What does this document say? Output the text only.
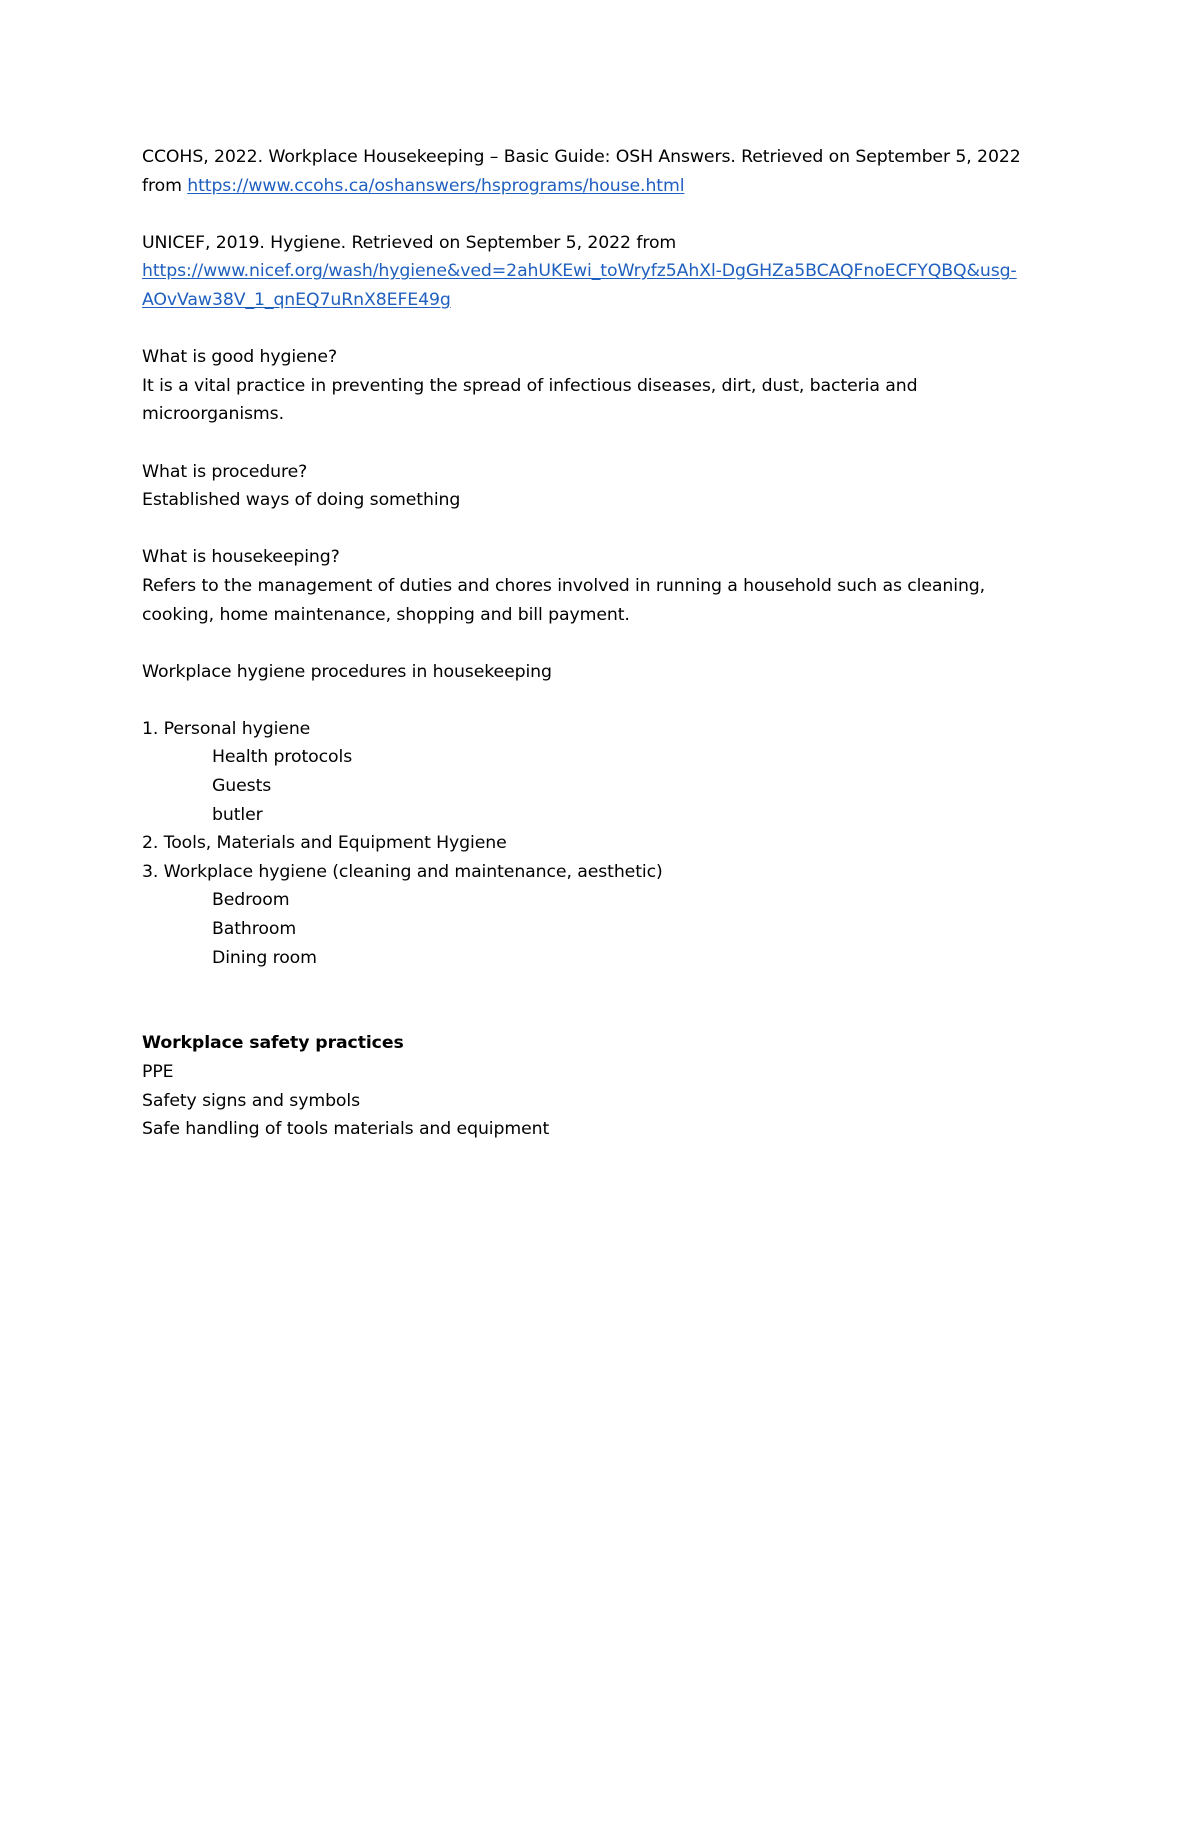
CCOHS, 2022. Workplace Housekeeping – Basic Guide: OSH Answers. Retrieved on September 5, 2022
from https://www.ccohs.ca/oshanswers/hsprograms/house.html
UNICEF, 2019. Hygiene. Retrieved on September 5, 2022 from
https://www.nicef.org/wash/hygiene&ved=2ahUKEwi_toWryfz5AhXl-DgGHZa5BCAQFnoECFYQBQ&usg-
AOvVaw38V_1_qnEQ7uRnX8EFE49g
What is good hygiene?
It is a vital practice in preventing the spread of infectious diseases, dirt, dust, bacteria and
microorganisms.
What is procedure?
Established ways of doing something
What is housekeeping?
Refers to the management of duties and chores involved in running a household such as cleaning,
cooking, home maintenance, shopping and bill payment.
Workplace hygiene procedures in housekeeping
1. Personal hygiene
Health protocols
Guests
butler
2. Tools, Materials and Equipment Hygiene
3. Workplace hygiene (cleaning and maintenance, aesthetic)
Bedroom
Bathroom
Dining room
Workplace safety practices
PPE
Safety signs and symbols
Safe handling of tools materials and equipment
